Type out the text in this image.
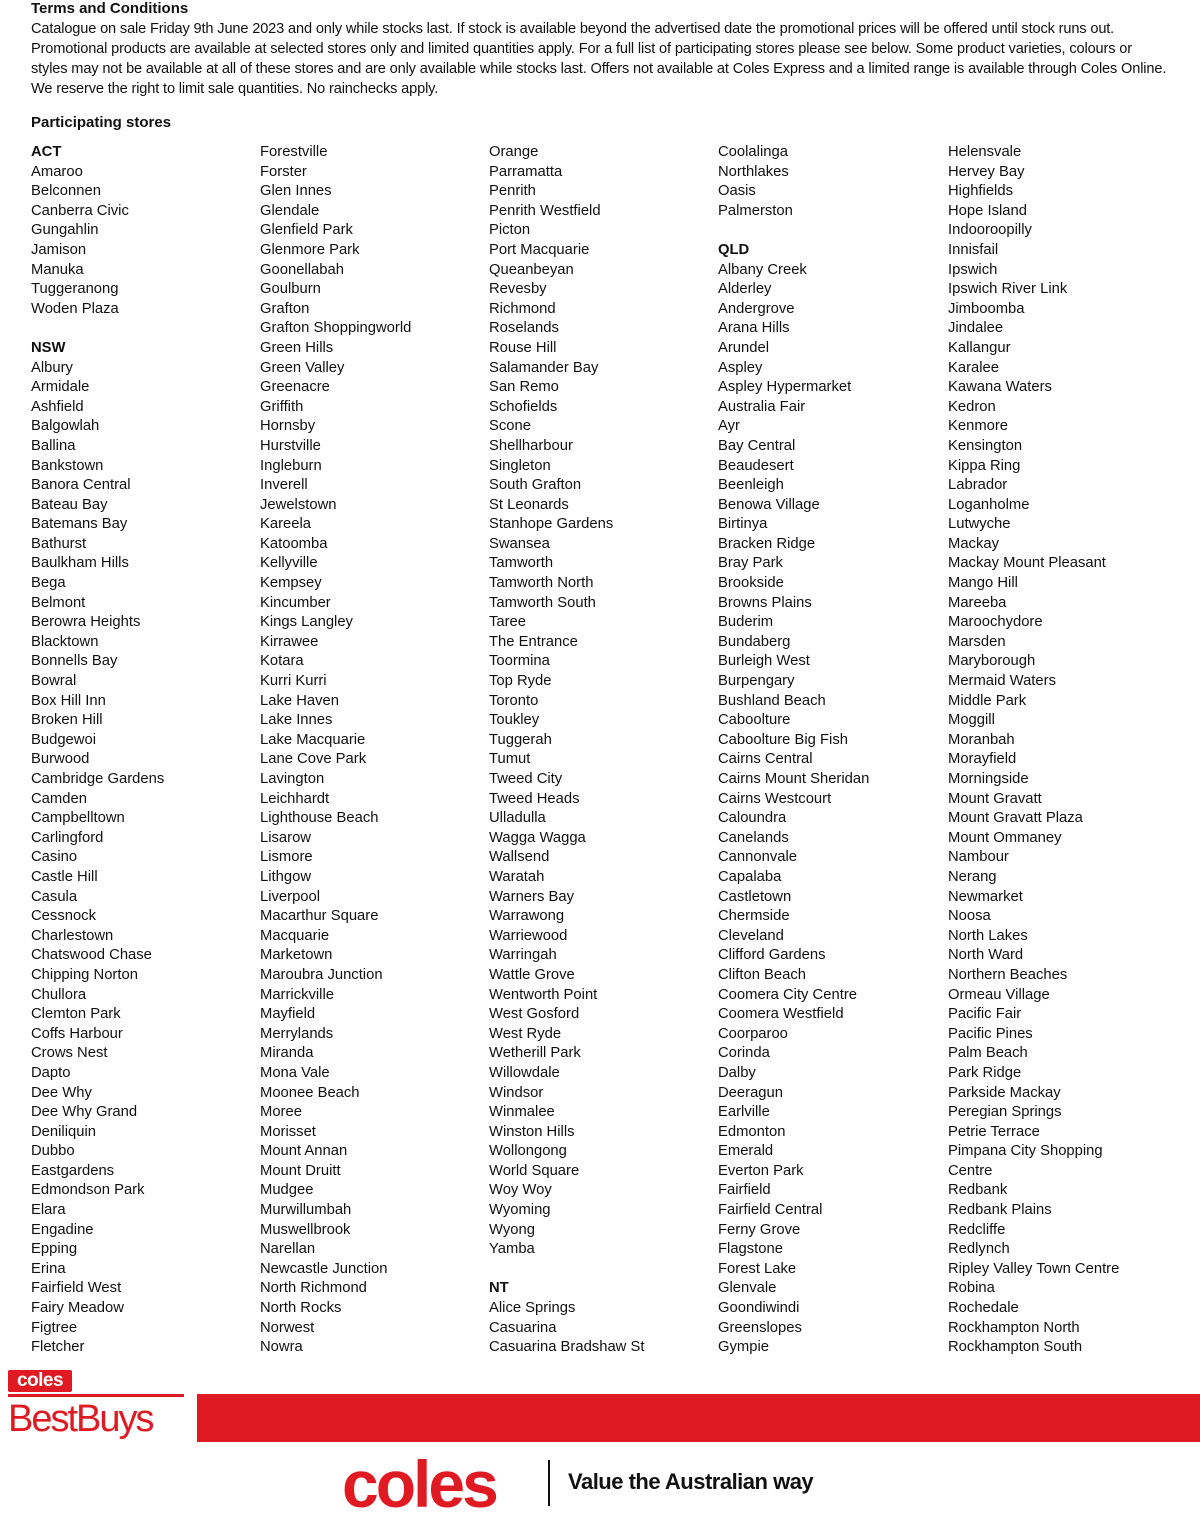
Terms and Conditions
Catalogue on sale Friday 9th June 2023 and only while stocks last. If stock is available beyond the advertised date the promotional prices will be offered until stock runs out. Promotional products are available at selected stores only and limited quantities apply. For a full list of participating stores please see below. Some product varieties, colours or styles may not be available at all of these stores and are only available while stocks last. Offers not available at Coles Express and a limited range is available through Coles Online. We reserve the right to limit sale quantities. No rainchecks apply.
Participating stores
ACT
Amaroo
Belconnen
Canberra Civic
Gungahlin
Jamison
Manuka
Tuggeranong
Woden Plaza
NSW
Albury
Armidale
Ashfield
Balgowlah
Ballina
Bankstown
Banora Central
Bateau Bay
Batemans Bay
Bathurst
Baulkham Hills
Bega
Belmont
Berowra Heights
Blacktown
Bonnells Bay
Bowral
Box Hill Inn
Broken Hill
Budgewoi
Burwood
Cambridge Gardens
Camden
Campbelltown
Carlingford
Casino
Castle Hill
Casula
Cessnock
Charlestown
Chatswood Chase
Chipping Norton
Chullora
Clemton Park
Coffs Harbour
Crows Nest
Dapto
Dee Why
Dee Why Grand
Deniliquin
Dubbo
Eastgardens
Edmondson Park
Elara
Engadine
Epping
Erina
Fairfield West
Fairy Meadow
Figtree
Fletcher
Forestville
Forster
Glen Innes
Glendale
Glenfield Park
Glenmore Park
Goonellabah
Goulburn
Grafton
Grafton Shoppingworld
Green Hills
Green Valley
Greenacre
Griffith
Hornsby
Hurstville
Ingleburn
Inverell
Jewelstown
Kareela
Katoomba
Kellyville
Kempsey
Kincumber
Kings Langley
Kirrawee
Kotara
Kurri Kurri
Lake Haven
Lake Innes
Lake Macquarie
Lane Cove Park
Lavington
Leichhardt
Lighthouse Beach
Lisarow
Lismore
Lithgow
Liverpool
Macarthur Square
Macquarie
Marketown
Maroubra Junction
Marrickville
Mayfield
Merrylands
Miranda
Mona Vale
Moonee Beach
Moree
Morisset
Mount Annan
Mount Druitt
Mudgee
Murwillumbah
Muswellbrook
Narellan
Newcastle Junction
North Richmond
North Rocks
Norwest
Nowra
Orange
Parramatta
Penrith
Penrith Westfield
Picton
Port Macquarie
Queanbeyan
Revesby
Richmond
Roselands
Rouse Hill
Salamander Bay
San Remo
Schofields
Scone
Shellharbour
Singleton
South Grafton
St Leonards
Stanhope Gardens
Swansea
Tamworth
Tamworth North
Tamworth South
Taree
The Entrance
Toormina
Top Ryde
Toronto
Toukley
Tuggerah
Tumut
Tweed City
Tweed Heads
Ulladulla
Wagga Wagga
Wallsend
Waratah
Warners Bay
Warrawong
Warriewood
Warringah
Wattle Grove
Wentworth Point
West Gosford
West Ryde
Wetherill Park
Willowdale
Windsor
Winmalee
Winston Hills
Wollongong
World Square
Woy Woy
Wyoming
Wyong
Yamba
NT
Alice Springs
Casuarina
Casuarina Bradshaw St
Coolalinga
Northlakes
Oasis
Palmerston
QLD
Albany Creek
Alderley
Andergrove
Arana Hills
Arundel
Aspley
Aspley Hypermarket
Australia Fair
Ayr
Bay Central
Beaudesert
Beenleigh
Benowa Village
Birtinya
Bracken Ridge
Bray Park
Brookside
Browns Plains
Buderim
Bundaberg
Burleigh West
Burpengary
Bushland Beach
Caboolture
Caboolture Big Fish
Cairns Central
Cairns Mount Sheridan
Cairns Westcourt
Caloundra
Canelands
Cannonvale
Capalaba
Castletown
Chermside
Cleveland
Clifford Gardens
Clifton Beach
Coomera City Centre
Coomera Westfield
Coorparoo
Corinda
Dalby
Deeragun
Earlville
Edmonton
Emerald
Everton Park
Fairfield
Fairfield Central
Ferny Grove
Flagstone
Forest Lake
Glenvale
Goondiwindi
Greenslopes
Gympie
Helensvale
Hervey Bay
Highfields
Hope Island
Indooroopilly
Innisfail
Ipswich
Ipswich River Link
Jimboomba
Jindalee
Kallangur
Karalee
Kawana Waters
Kedron
Kenmore
Kensington
Kippa Ring
Labrador
Loganholme
Lutwyche
Mackay
Mackay Mount Pleasant
Mango Hill
Mareeba
Maroochydore
Marsden
Maryborough
Mermaid Waters
Middle Park
Moggill
Moranbah
Morayfield
Morningside
Mount Gravatt
Mount Gravatt Plaza
Mount Ommaney
Nambour
Nerang
Newmarket
Noosa
North Lakes
North Ward
Northern Beaches
Ormeau Village
Pacific Fair
Pacific Pines
Palm Beach
Park Ridge
Parkside Mackay
Peregian Springs
Petrie Terrace
Pimpana City Shopping
Centre
Redbank
Redbank Plains
Redcliffe
Redlynch
Ripley Valley Town Centre
Robina
Rochedale
Rockhampton North
Rockhampton South
coles
BestBuys
coles	Value the Australian way
